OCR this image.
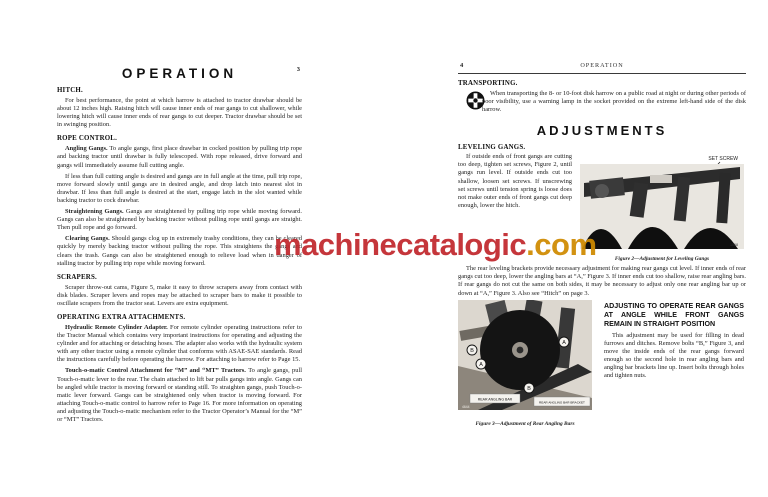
OPERATION	3
HITCH.

For best performance, the point at which harrow is attached to tractor drawbar should be about 12 inches high. Raising hitch will cause inner ends of rear gangs to cut shallower, while lowering hitch will cause inner ends of rear gangs to cut deeper. Tractor drawbar should be set in swinging position.

ROPE CONTROL.

Angling Gangs. To angle gangs, first place drawbar in cocked position by pulling trip rope and backing tractor until drawbar is fully telescoped. With rope released, drive forward and gangs will immediately assume full cutting angle.

If less than full cutting angle is desired and gangs are in full angle at the time, pull trip rope, move forward slowly until gangs are in desired angle, and drop latch into nearest slot in drawbar. If less than full angle is desired at the start, engage latch in the slot wanted while backing tractor to cock drawbar.

Straightening Gangs. Gangs are straightened by pulling trip rope while moving forward. Gangs can also be straightened by backing tractor without pulling rope until gangs are straight. Then pull rope and go forward.

Clearing Gangs. Should gangs clog up in extremely trashy conditions, they can be cleared quickly by merely backing tractor without pulling the rope. This straightens the gangs and clears the trash. Gangs can also be straightened enough to relieve load when in danger of stalling tractor by pulling trip rope while moving forward.

SCRAPERS.

Scraper throw-out cams, Figure 5, make it easy to throw scrapers away from contact with disk blades. Scraper levers and ropes may be attached to scraper bars to make it possible to oscillate scrapers from the tractor seat. Levers are extra equipment.

OPERATING EXTRA ATTACHMENTS.

Hydraulic Remote Cylinder Adapter. For remote cylinder operating instructions refer to the Tractor Manual which contains very important instructions for operating and adjusting the cylinder and for attaching or detaching hoses. The adapter also works with the hydraulic system with any other tractor using a remote cylinder that conforms with ASAE-SAE standards. Read the instructions carefully before operating the harrow. For attaching to harrow refer to Page 15.

Touch-o-matic Control Attachment for “M” and “MT” Tractors. To angle gangs, pull Touch-o-matic lever to the rear. The chain attached to lift bar pulls gangs into angle. Gangs can be angled while tractor is moving forward or standing still. To straighten gangs, push Touch-o-matic lever forward. Gangs can be straightened only when tractor is moving forward. For attaching Touch-o-matic control to harrow refer to Page 16. For more information on operating and adjusting the Touch-o-matic mechanism refer to the Tractor Operator’s Manual for the “M” or “MT” Tractors.

4	OPERATION
TRANSPORTING.

When transporting the 8- or 10-foot disk harrow on a public road at night or during other periods of poor visibility, use a warning lamp in the socket provided on the extreme left-hand side of the disk harrow.

ADJUSTMENTS
LEVELING GANGS.

If outside ends of front gangs are cutting too deep, tighten set screws, Figure 2, until gangs run level. If outside ends cut too shallow, loosen set screws. If unscrewing set screws until tension spring is loose does not make outer ends of front gangs cut deep enough, lower the hitch.

SET SCREW
1068
Figure 2—Adjustment for Leveling Gangs

The rear leveling brackets provide necessary adjustment for making rear gangs cut level. If inner ends of rear gangs cut too deep, lower the angling bars at “A,” Figure 3. If inner ends cut too shallow, raise rear angling bars. If rear gangs do not cut the same on both sides, it may be necessary to adjust only one rear angling bar up or down at “A,” Figure 3. Also see “Hitch” on page 3.

B
A
B
A
REAR ANGLING BAR
REAR ANGLING BAR BRACKET
4644
Figure 3—Adjustment of Rear Angling Bars
ADJUSTING TO OPERATE REAR GANGS AT ANGLE WHILE FRONT GANGS REMAIN IN STRAIGHT POSITION

This adjustment may be used for filling in dead furrows and ditches. Remove bolts “B,” Figure 3, and move the inside ends of the rear gangs forward enough so the second hole in rear angling bars and angling bar brackets line up. Insert bolts through holes and tighten nuts.

machinecatalogic.com
